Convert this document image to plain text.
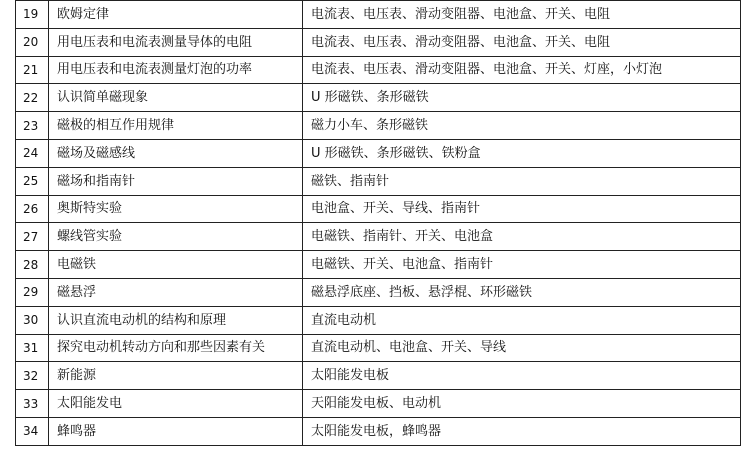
19	欧姆定律	电流表、电压表、滑动变阻器、电池盒、开关、电阻
20	用电压表和电流表测量导体的电阻	电流表、电压表、滑动变阻器、电池盒、开关、电阻
21	用电压表和电流表测量灯泡的功率	电流表、电压表、滑动变阻器、电池盒、开关、灯座，小灯泡
22	认识简单磁现象	U 形磁铁、条形磁铁
23	磁极的相互作用规律	磁力小车、条形磁铁
24	磁场及磁感线	U 形磁铁、条形磁铁、铁粉盒
25	磁场和指南针	磁铁、指南针
26	奥斯特实验	电池盒、开关、导线、指南针
27	螺线管实验	电磁铁、指南针、开关、电池盒
28	电磁铁	电磁铁、开关、电池盒、指南针
29	磁悬浮	磁悬浮底座、挡板、悬浮棍、环形磁铁
30	认识直流电动机的结构和原理	直流电动机
31	探究电动机转动方向和那些因素有关	直流电动机、电池盒、开关、导线
32	新能源	太阳能发电板
33	太阳能发电	天阳能发电板、电动机
34	蜂鸣器	太阳能发电板，蜂鸣器
